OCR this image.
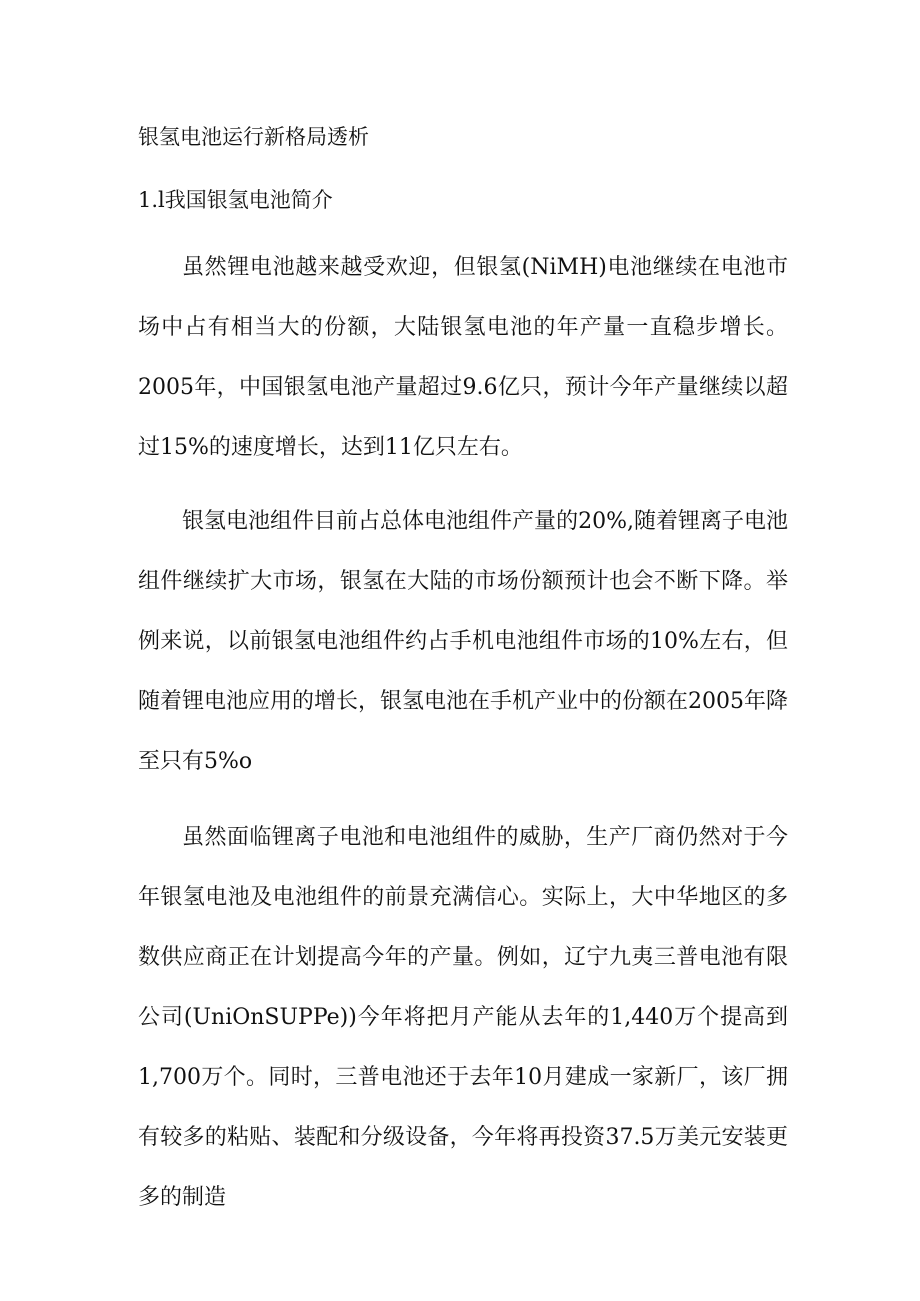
银氢电池运行新格局透析
1.l我国银氢电池简介

虽然锂电池越来越受欢迎，但银氢(NiMH)电池继续在电池市场中占有相当大的份额，大陆银氢电池的年产量一直稳步增长。2005年，中国银氢电池产量超过9.6亿只，预计今年产量继续以超过15%的速度增长，达到11亿只左右。

银氢电池组件目前占总体电池组件产量的20%,随着锂离子电池组件继续扩大市场，银氢在大陆的市场份额预计也会不断下降。举例来说，以前银氢电池组件约占手机电池组件市场的10%左右，但随着锂电池应用的增长，银氢电池在手机产业中的份额在2005年降至只有5%o

虽然面临锂离子电池和电池组件的威胁，生产厂商仍然对于今年银氢电池及电池组件的前景充满信心。实际上，大中华地区的多数供应商正在计划提高今年的产量。例如，辽宁九夷三普电池有限公司(UniOnSUPPe))今年将把月产能从去年的1,440万个提高到1,700万个。同时，三普电池还于去年10月建成一家新厂，该厂拥有较多的粘贴、装配和分级设备，今年将再投资37.5万美元安装更多的制造
